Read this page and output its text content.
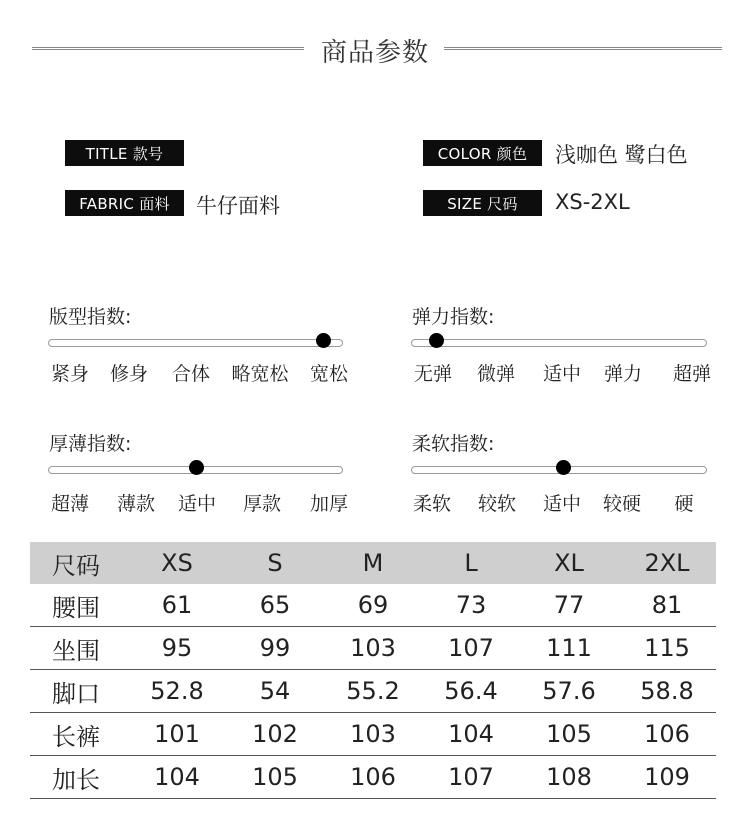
商品参数
TITLE 款号
FABRIC 面料	牛仔面料
COLOR 颜色	浅咖色 鹭白色
SIZE 尺码	XS-2XL
版型指数:
紧身 修身 合体 略宽松 宽松
弹力指数:
无弹 微弹 适中 弹力 超弹
厚薄指数:
超薄 薄款 适中 厚款 加厚
柔软指数:
柔软 较软 适中 较硬 硬
尺码	XS	S	M	L	XL	2XL
腰围	61	65	69	73	77	81
坐围	95	99	103	107	111	115
脚口	52.8	54	55.2	56.4	57.6	58.8
长裤	101	102	103	104	105	106
加长	104	105	106	107	108	109
